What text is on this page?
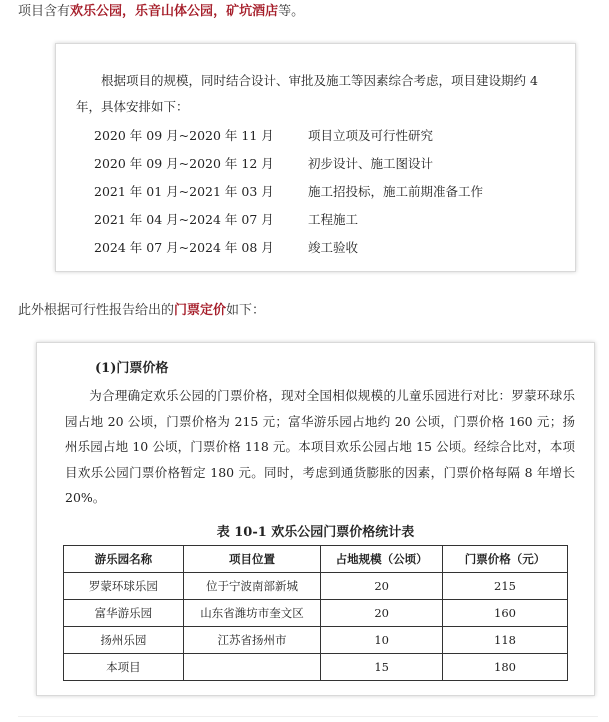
项目含有欢乐公园，乐音山体公园，矿坑酒店等。
根据项目的规模，同时结合设计、审批及施工等因素综合考虑，项目建设期约 4 年，具体安排如下：
2020 年 09 月~2020 年 11 月	项目立项及可行性研究
2020 年 09 月~2020 年 12 月	初步设计、施工图设计
2021 年 01 月~2021 年 03 月	施工招投标，施工前期准备工作
2021 年 04 月~2024 年 07 月	工程施工
2024 年 07 月~2024 年 08 月	竣工验收
此外根据可行性报告给出的门票定价如下：
(1)门票价格
为合理确定欢乐公园的门票价格，现对全国相似规模的儿童乐园进行对比：罗蒙环球乐园占地 20 公顷，门票价格为 215 元；富华游乐园占地约 20 公顷，门票价格 160 元；扬州乐园占地 10 公顷，门票价格 118 元。本项目欢乐公园占地 15 公顷。经综合比对，本项目欢乐公园门票价格暂定 180 元。同时，考虑到通货膨胀的因素，门票价格每隔 8 年增长 20%。
表 10-1 欢乐公园门票价格统计表
游乐园名称	项目位置	占地规模（公顷）	门票价格（元）
罗蒙环球乐园	位于宁波南部新城	20	215
富华游乐园	山东省潍坊市奎文区	20	160
扬州乐园	江苏省扬州市	10	118
本项目		15	180
